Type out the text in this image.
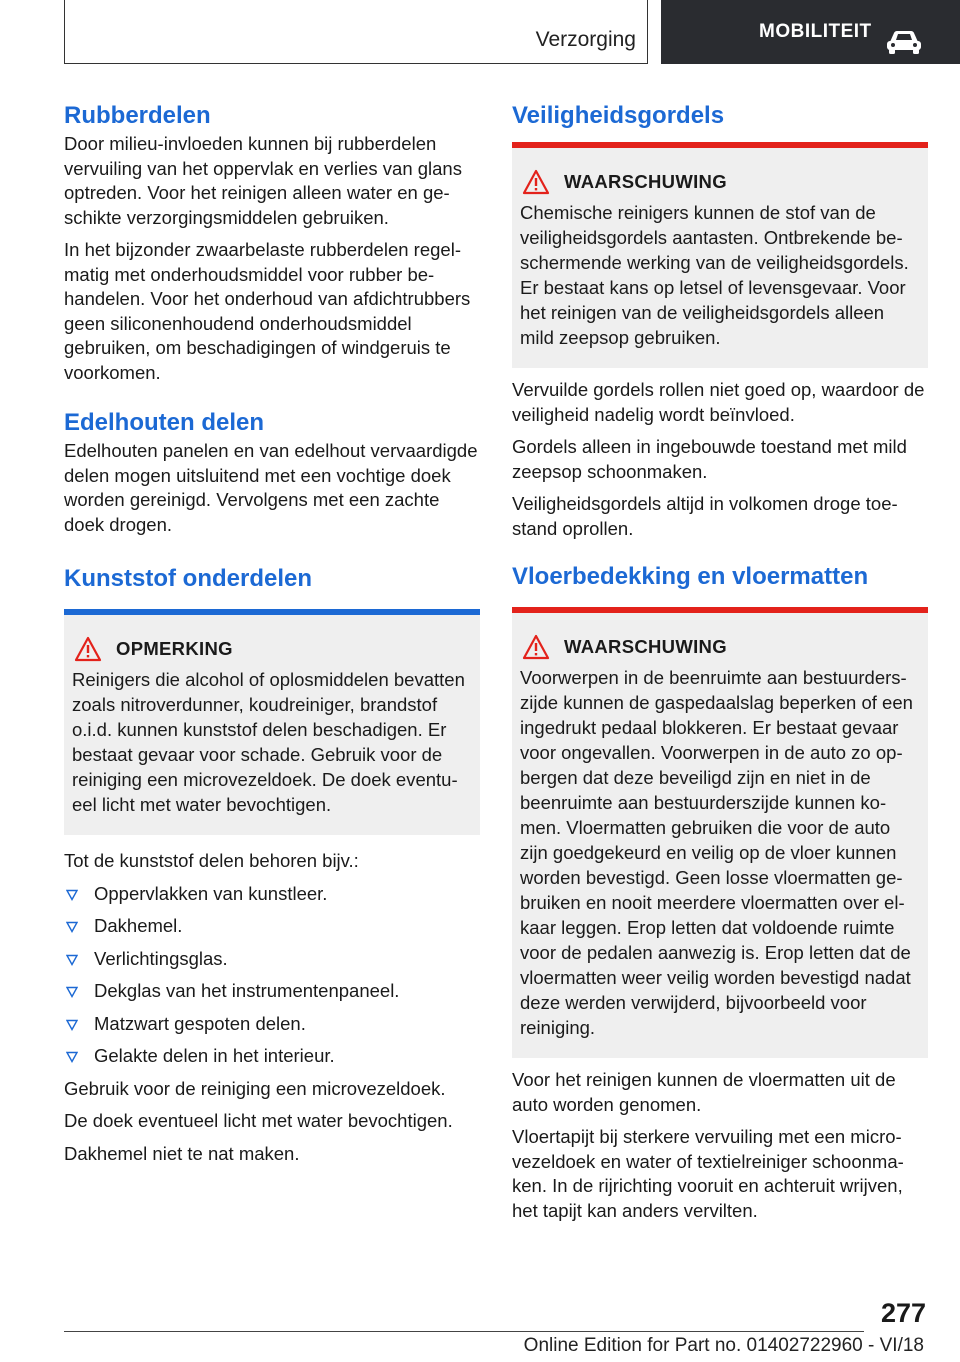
Verzorging	MOBILITEIT
Rubberdelen

Door milieu-invloeden kunnen bij rubberdelen vervuiling van het oppervlak en verlies van glans optreden. Voor het reinigen alleen water en geschikte verzorgingsmiddelen gebruiken.

In het bijzonder zwaarbelaste rubberdelen regelmatig met onderhoudsmiddel voor rubber behandelen. Voor het onderhoud van afdichtrubbers geen siliconenhoudend onderhoudsmiddel gebruiken, om beschadigingen of windgeruis te voorkomen.

Edelhouten delen

Edelhouten panelen en van edelhout vervaardigde delen mogen uitsluitend met een vochtige doek worden gereinigd. Vervolgens met een zachte doek drogen.

Kunststof onderdelen
OPMERKING
Reinigers die alcohol of oplosmiddelen bevatten zoals nitroverdunner, koudreiniger, brandstof o.i.d. kunnen kunststof delen beschadigen. Er bestaat gevaar voor schade. Gebruik voor de reiniging een microvezeldoek. De doek eventueel licht met water bevochtigen.

Tot de kunststof delen behoren bijv.:

Oppervlakken van kunstleer.
Dakhemel.
Verlichtingsglas.
Dekglas van het instrumentenpaneel.
Matzwart gespoten delen.
Gelakte delen in het interieur.

Gebruik voor de reiniging een microvezeldoek.

De doek eventueel licht met water bevochtigen.

Dakhemel niet te nat maken.

Veiligheidsgordels
WAARSCHUWING
Chemische reinigers kunnen de stof van de veiligheidsgordels aantasten. Ontbrekende beschermende werking van de veiligheidsgordels. Er bestaat kans op letsel of levensgevaar. Voor het reinigen van de veiligheidsgordels alleen mild zeepsop gebruiken.

Vervuilde gordels rollen niet goed op, waardoor de veiligheid nadelig wordt beïnvloed.

Gordels alleen in ingebouwde toestand met mild zeepsop schoonmaken.

Veiligheidsgordels altijd in volkomen droge toestand oprollen.

Vloerbedekking en vloermatten
WAARSCHUWING
Voorwerpen in de beenruimte aan bestuurderszijde kunnen de gaspedaalslag beperken of een ingedrukt pedaal blokkeren. Er bestaat gevaar voor ongevallen. Voorwerpen in de auto zo opbergen dat deze beveiligd zijn en niet in de beenruimte aan bestuurderszijde kunnen komen. Vloermatten gebruiken die voor de auto zijn goedgekeurd en veilig op de vloer kunnen worden bevestigd. Geen losse vloermatten gebruiken en nooit meerdere vloermatten over elkaar leggen. Erop letten dat voldoende ruimte voor de pedalen aanwezig is. Erop letten dat de vloermatten weer veilig worden bevestigd nadat deze werden verwijderd, bijvoorbeeld voor reiniging.

Voor het reinigen kunnen de vloermatten uit de auto worden genomen.

Vloertapijt bij sterkere vervuiling met een microvezeldoek en water of textielreiniger schoonmaken. In de rijrichting vooruit en achteruit wrijven, het tapijt kan anders vervilten.

277
Online Edition for Part no. 01402722960 - VI/18
